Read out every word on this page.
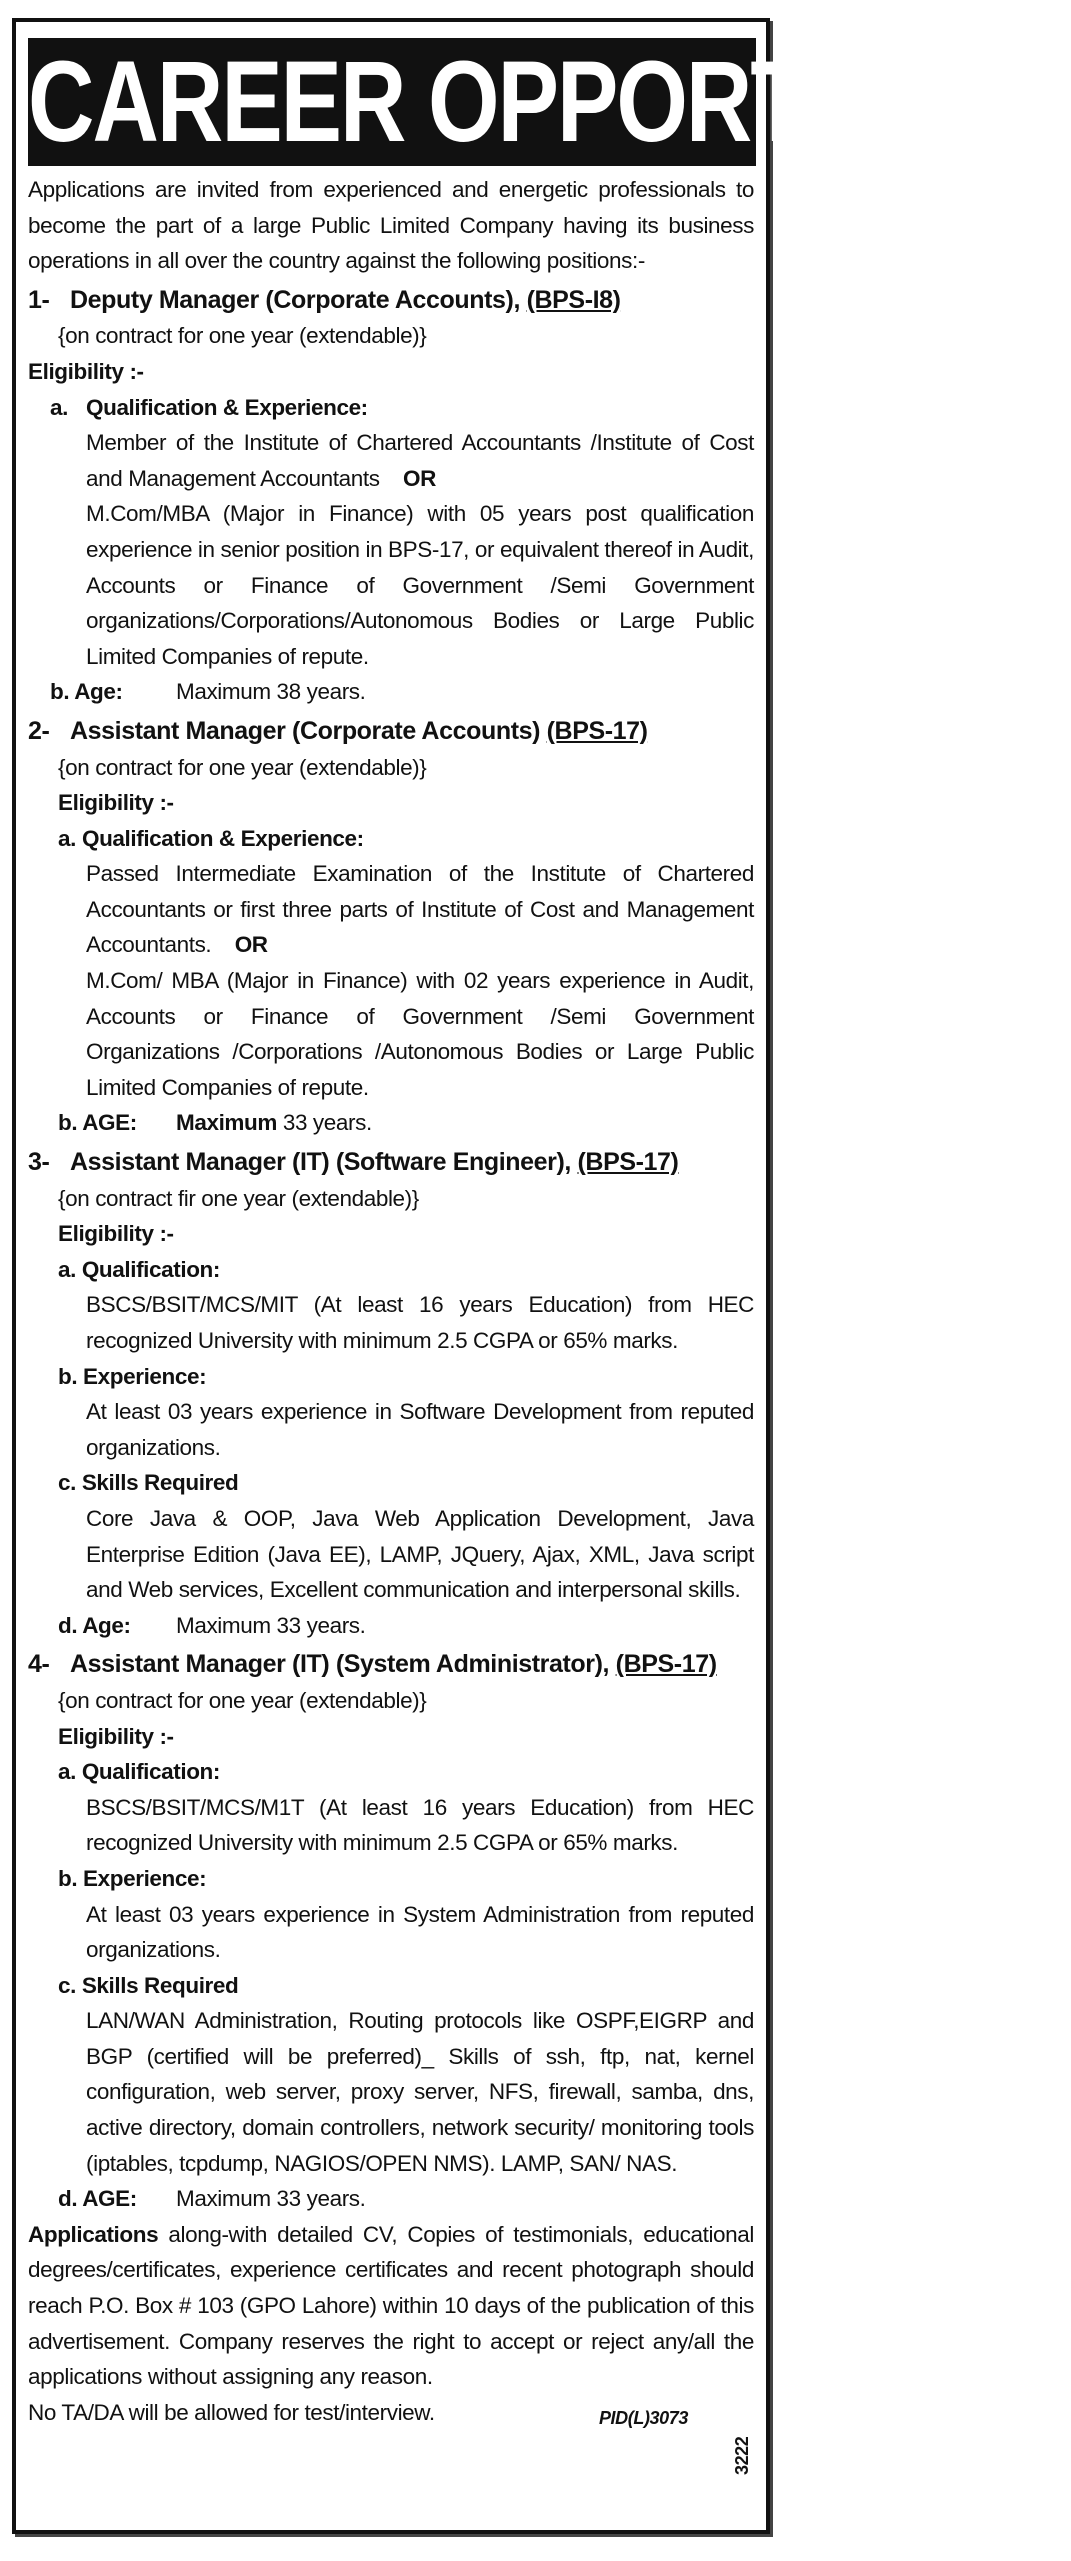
CAREER OPPORTUNITY

Applications are invited from experienced and energetic professionals to become the part of a large Public Limited Company having its business operations in all over the country against the following positions:-

1- Deputy Manager (Corporate Accounts), (BPS-I8)
{on contract for one year (extendable)}
Eligibility :-
a. Qualification & Experience:

Member of the Institute of Chartered Accountants /Institute of Cost and Management Accountants OR

M.Com/MBA (Major in Finance) with 05 years post qualification experience in senior position in BPS-17, or equivalent thereof in Audit, Accounts or Finance of Government /Semi Government organizations/Corporations/Autonomous Bodies or Large Public Limited Companies of repute.

b. Age: Maximum 38 years.
2- Assistant Manager (Corporate Accounts) (BPS-17)
{on contract for one year (extendable)}
Eligibility :-
a. Qualification & Experience:

Passed Intermediate Examination of the Institute of Chartered Accountants or first three parts of Institute of Cost and Management Accountants. OR

M.Com/ MBA (Major in Finance) with 02 years experience in Audit, Accounts or Finance of Government /Semi Government Organizations /Corporations /Autonomous Bodies or Large Public Limited Companies of repute.

b. AGE: Maximum 33 years.
3- Assistant Manager (IT) (Software Engineer), (BPS-17)
{on contract fir one year (extendable)}
Eligibility :-
a. Qualification:

BSCS/BSIT/MCS/MIT (At least 16 years Education) from HEC recognized University with minimum 2.5 CGPA or 65% marks.

b. Experience:

At least 03 years experience in Software Development from reputed organizations.

c. Skills Required

Core Java & OOP, Java Web Application Development, Java Enterprise Edition (Java EE), LAMP, JQuery, Ajax, XML, Java script and Web services, Excellent communication and interpersonal skills.

d. Age: Maximum 33 years.
4- Assistant Manager (IT) (System Administrator), (BPS-17)
{on contract for one year (extendable)}
Eligibility :-
a. Qualification:

BSCS/BSIT/MCS/M1T (At least 16 years Education) from HEC recognized University with minimum 2.5 CGPA or 65% marks.

b. Experience:

At least 03 years experience in System Administration from reputed organizations.

c. Skills Required

LAN/WAN Administration, Routing protocols like OSPF,EIGRP and BGP (certified will be preferred)_ Skills of ssh, ftp, nat, kernel configuration, web server, proxy server, NFS, firewall, samba, dns, active directory, domain controllers, network security/ monitoring tools (iptables, tcpdump, NAGIOS/OPEN NMS). LAMP, SAN/ NAS.

d. AGE: Maximum 33 years.

Applications along-with detailed CV, Copies of testimonials, educational degrees/certificates, experience certificates and recent photograph should reach P.O. Box # 103 (GPO Lahore) within 10 days of the publication of this advertisement. Company reserves the right to accept or reject any/all the applications without assigning any reason.

No TA/DA will be allowed for test/interview.	PID(L)3073
3222
